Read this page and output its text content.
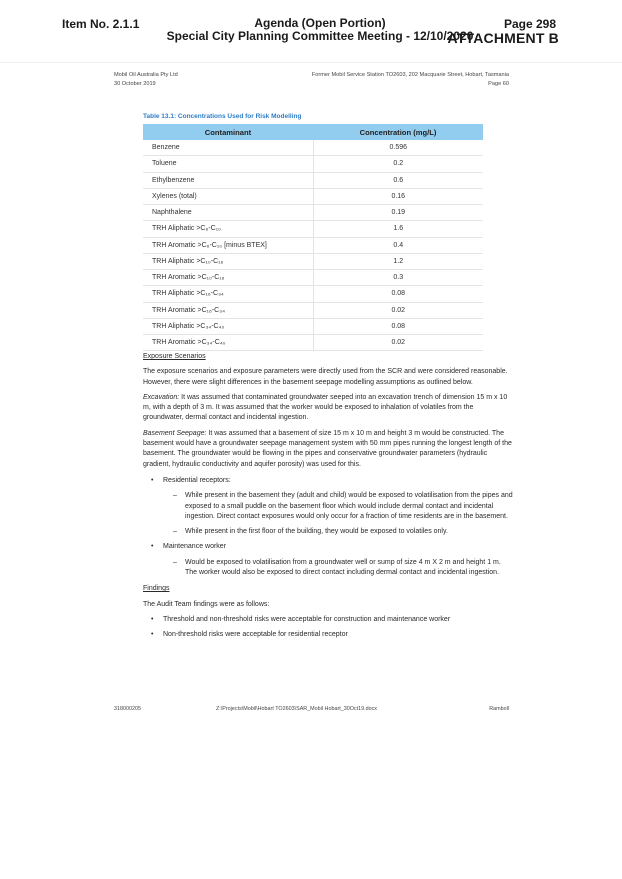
Item No. 2.1.1	Agenda (Open Portion)
Special City Planning Committee Meeting - 12/10/2020
Page 298
ATTACHMENT B
Mobil Oil Australia Pty Ltd
30 October 2019
Former Mobil Service Station TO2603, 202 Macquarie Street, Hobart, Tasmania
Page 60
Table 13.1: Concentrations Used for Risk Modelling
Contaminant	Concentration (mg/L)
Benzene	0.596
Toluene	0.2
Ethylbenzene	0.6
Xylenes (total)	0.16
Naphthalene	0.19
TRH Aliphatic >C₆-C₁₀	1.6
TRH Aromatic >C₆-C₁₀ [minus BTEX]	0.4
TRH Aliphatic >C₁₀-C₁₆	1.2
TRH Aromatic >C₁₀-C₁₆	0.3
TRH Aliphatic >C₁₆-C₃₄	0.08
TRH Aromatic >C₁₆-C₃₄	0.02
TRH Aliphatic >C₃₄-C₄₀	0.08
TRH Aromatic >C₃₄-C₄₀	0.02

Exposure Scenarios

The exposure scenarios and exposure parameters were directly used from the SCR and were considered reasonable. However, there were slight differences in the basement seepage modelling assumptions as outlined below.

Excavation: It was assumed that contaminated groundwater seeped into an excavation trench of dimension 15 m x 10 m, with a depth of 3 m. It was assumed that the worker would be exposed to inhalation of volatiles from the groundwater, dermal contact and incidental ingestion.

Basement Seepage: It was assumed that a basement of size 15 m x 10 m and height 3 m would be constructed. The basement would have a groundwater seepage management system with 50 mm pipes running the longest length of the basement. The groundwater would be flowing in the pipes and conservative groundwater parameters (hydraulic gradient, hydraulic conductivity and aquifer porosity) was used for this.

•	Residential receptors:
–	While present in the basement they (adult and child) would be exposed to volatilisation from the pipes and exposed to a small puddle on the basement floor which would include dermal contact and incidental ingestion. Direct contact exposures would only occur for a fraction of time residents are in the basement.
–	While present in the first floor of the building, they would be exposed to volatiles only.
•	Maintenance worker
–	Would be exposed to volatilisation from a groundwater well or sump of size 4 m X 2 m and height 1 m. The worker would also be exposed to direct contact including dermal contact and incidental ingestion.

Findings

The Audit Team findings were as follows:

•	Threshold and non-threshold risks were acceptable for construction and maintenance worker
•	Non-threshold risks were acceptable for residential receptor
318000205	Z:\Projects\Mobil\Hobart TO2603\SAR_Mobil Hobart_30Oct19.docx	Ramboll
